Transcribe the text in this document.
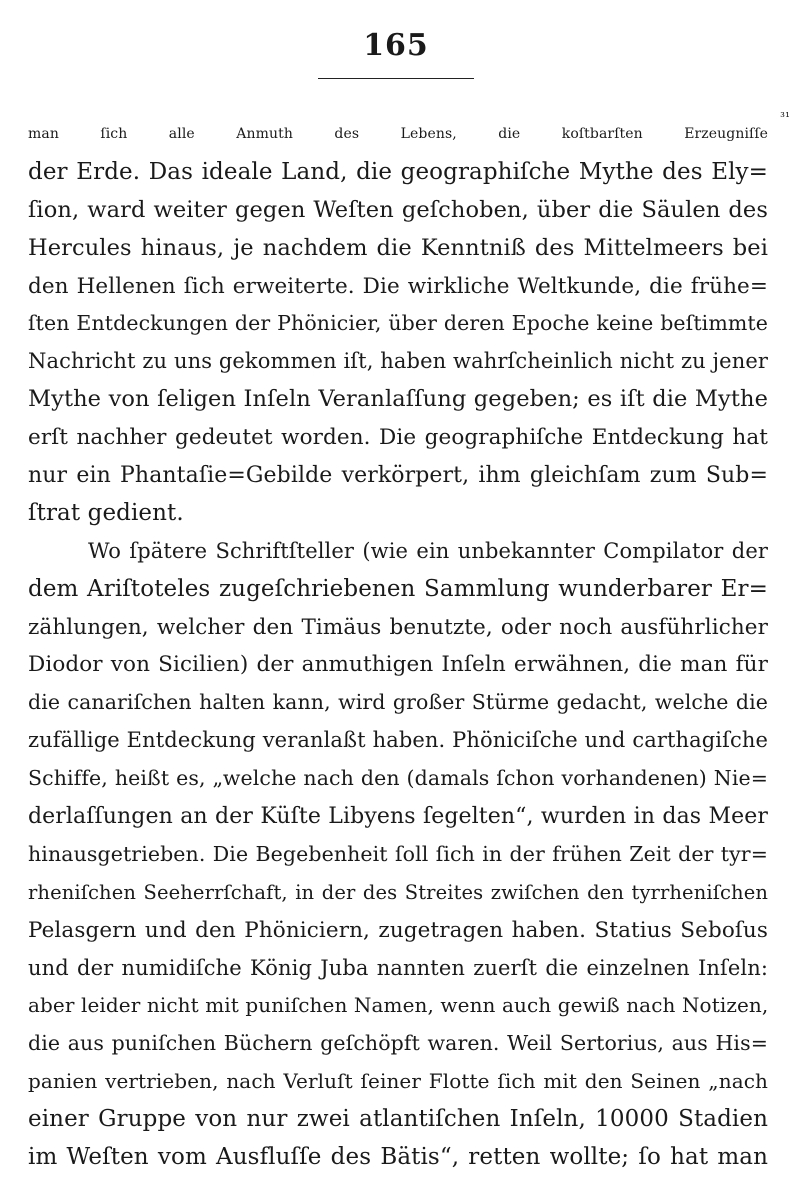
165
man ſich alle Anmuth des Lebens, die koſtbarſten Erzeugniſſe
³¹
der Erde. Das ideale Land, die geographiſche Mythe des Ely=
ſion, ward weiter gegen Weſten geſchoben, über die Säulen des
Hercules hinaus, je nachdem die Kenntniß des Mittelmeers bei
den Hellenen ſich erweiterte. Die wirkliche Weltkunde, die frühe=
ſten Entdeckungen der Phönicier, über deren Epoche keine beſtimmte
Nachricht zu uns gekommen iſt, haben wahrſcheinlich nicht zu jener
Mythe von ſeligen Inſeln Veranlaſſung gegeben; es iſt die Mythe
erſt nachher gedeutet worden. Die geographiſche Entdeckung hat
nur ein Phantaſie=Gebilde verkörpert, ihm gleichſam zum Sub=
ſtrat gedient.
Wo ſpätere Schriftſteller (wie ein unbekannter Compilator der
dem Ariſtoteles zugeſchriebenen Sammlung wunderbarer Er=
zählungen, welcher den Timäus benutzte, oder noch ausführlicher
Diodor von Sicilien) der anmuthigen Inſeln erwähnen, die man für
die canariſchen halten kann, wird großer Stürme gedacht, welche die
zufällige Entdeckung veranlaßt haben. Phöniciſche und carthagiſche
Schiffe, heißt es, „welche nach den (damals ſchon vorhandenen) Nie=
derlaſſungen an der Küſte Libyens ſegelten“, wurden in das Meer
hinausgetrieben. Die Begebenheit ſoll ſich in der frühen Zeit der tyr=
rheniſchen Seeherrſchaft, in der des Streites zwiſchen den tyrrheniſchen
Pelasgern und den Phöniciern, zugetragen haben. Statius Seboſus
und der numidiſche König Juba nannten zuerſt die einzelnen Inſeln:
aber leider nicht mit puniſchen Namen, wenn auch gewiß nach Notizen,
die aus puniſchen Büchern geſchöpft waren. Weil Sertorius, aus His=
panien vertrieben, nach Verluſt ſeiner Flotte ſich mit den Seinen „nach
einer Gruppe von nur zwei atlantiſchen Inſeln, 10000 Stadien
im Weſten vom Ausfluſſe des Bätis“, retten wollte; ſo hat man
